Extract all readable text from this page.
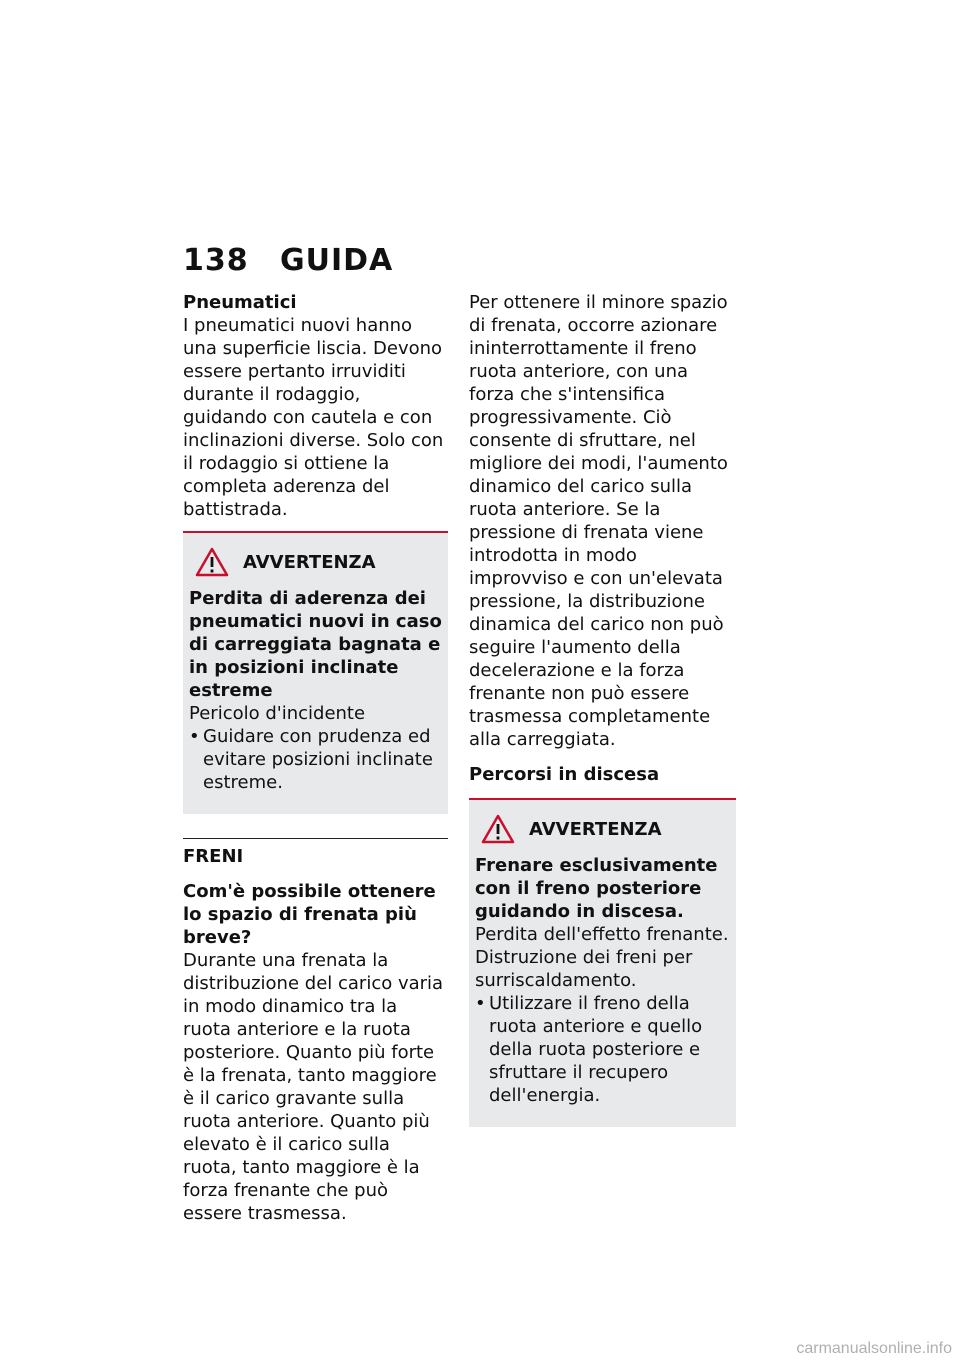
138 GUIDA
Pneumatici

I pneumatici nuovi hanno una superficie liscia. Devono essere pertanto irruviditi durante il rodaggio, guidando con cautela e con inclinazioni diverse. Solo con il rodaggio si ottiene la completa aderenza del battistrada.

AVVERTENZA
Perdita di aderenza dei pneumatici nuovi in caso di carreggiata bagnata e in posizioni inclinate estreme

Pericolo d'incidente

• Guidare con prudenza ed evitare posizioni inclinate estreme.
FRENI
Com'è possibile ottenere lo spazio di frenata più breve?

Durante una frenata la distribuzione del carico varia in modo dinamico tra la ruota anteriore e la ruota posteriore. Quanto più forte è la frenata, tanto maggiore è il carico gravante sulla ruota anteriore. Quanto più elevato è il carico sulla ruota, tanto maggiore è la forza frenante che può essere trasmessa.

Per ottenere il minore spazio di frenata, occorre azionare ininterrottamente il freno ruota anteriore, con una forza che s'intensifica progressivamente. Ciò consente di sfruttare, nel migliore dei modi, l'aumento dinamico del carico sulla ruota anteriore. Se la pressione di frenata viene introdotta in modo improvviso e con un'elevata pressione, la distribuzione dinamica del carico non può seguire l'aumento della decelerazione e la forza frenante non può essere trasmessa completamente alla carreggiata.

Percorsi in discesa
AVVERTENZA
Frenare esclusivamente con il freno posteriore guidando in discesa.

Perdita dell'effetto frenante.

Distruzione dei freni per surriscaldamento.

• Utilizzare il freno della ruota anteriore e quello della ruota posteriore e sfruttare il recupero dell'energia.
carmanualsonline.info
